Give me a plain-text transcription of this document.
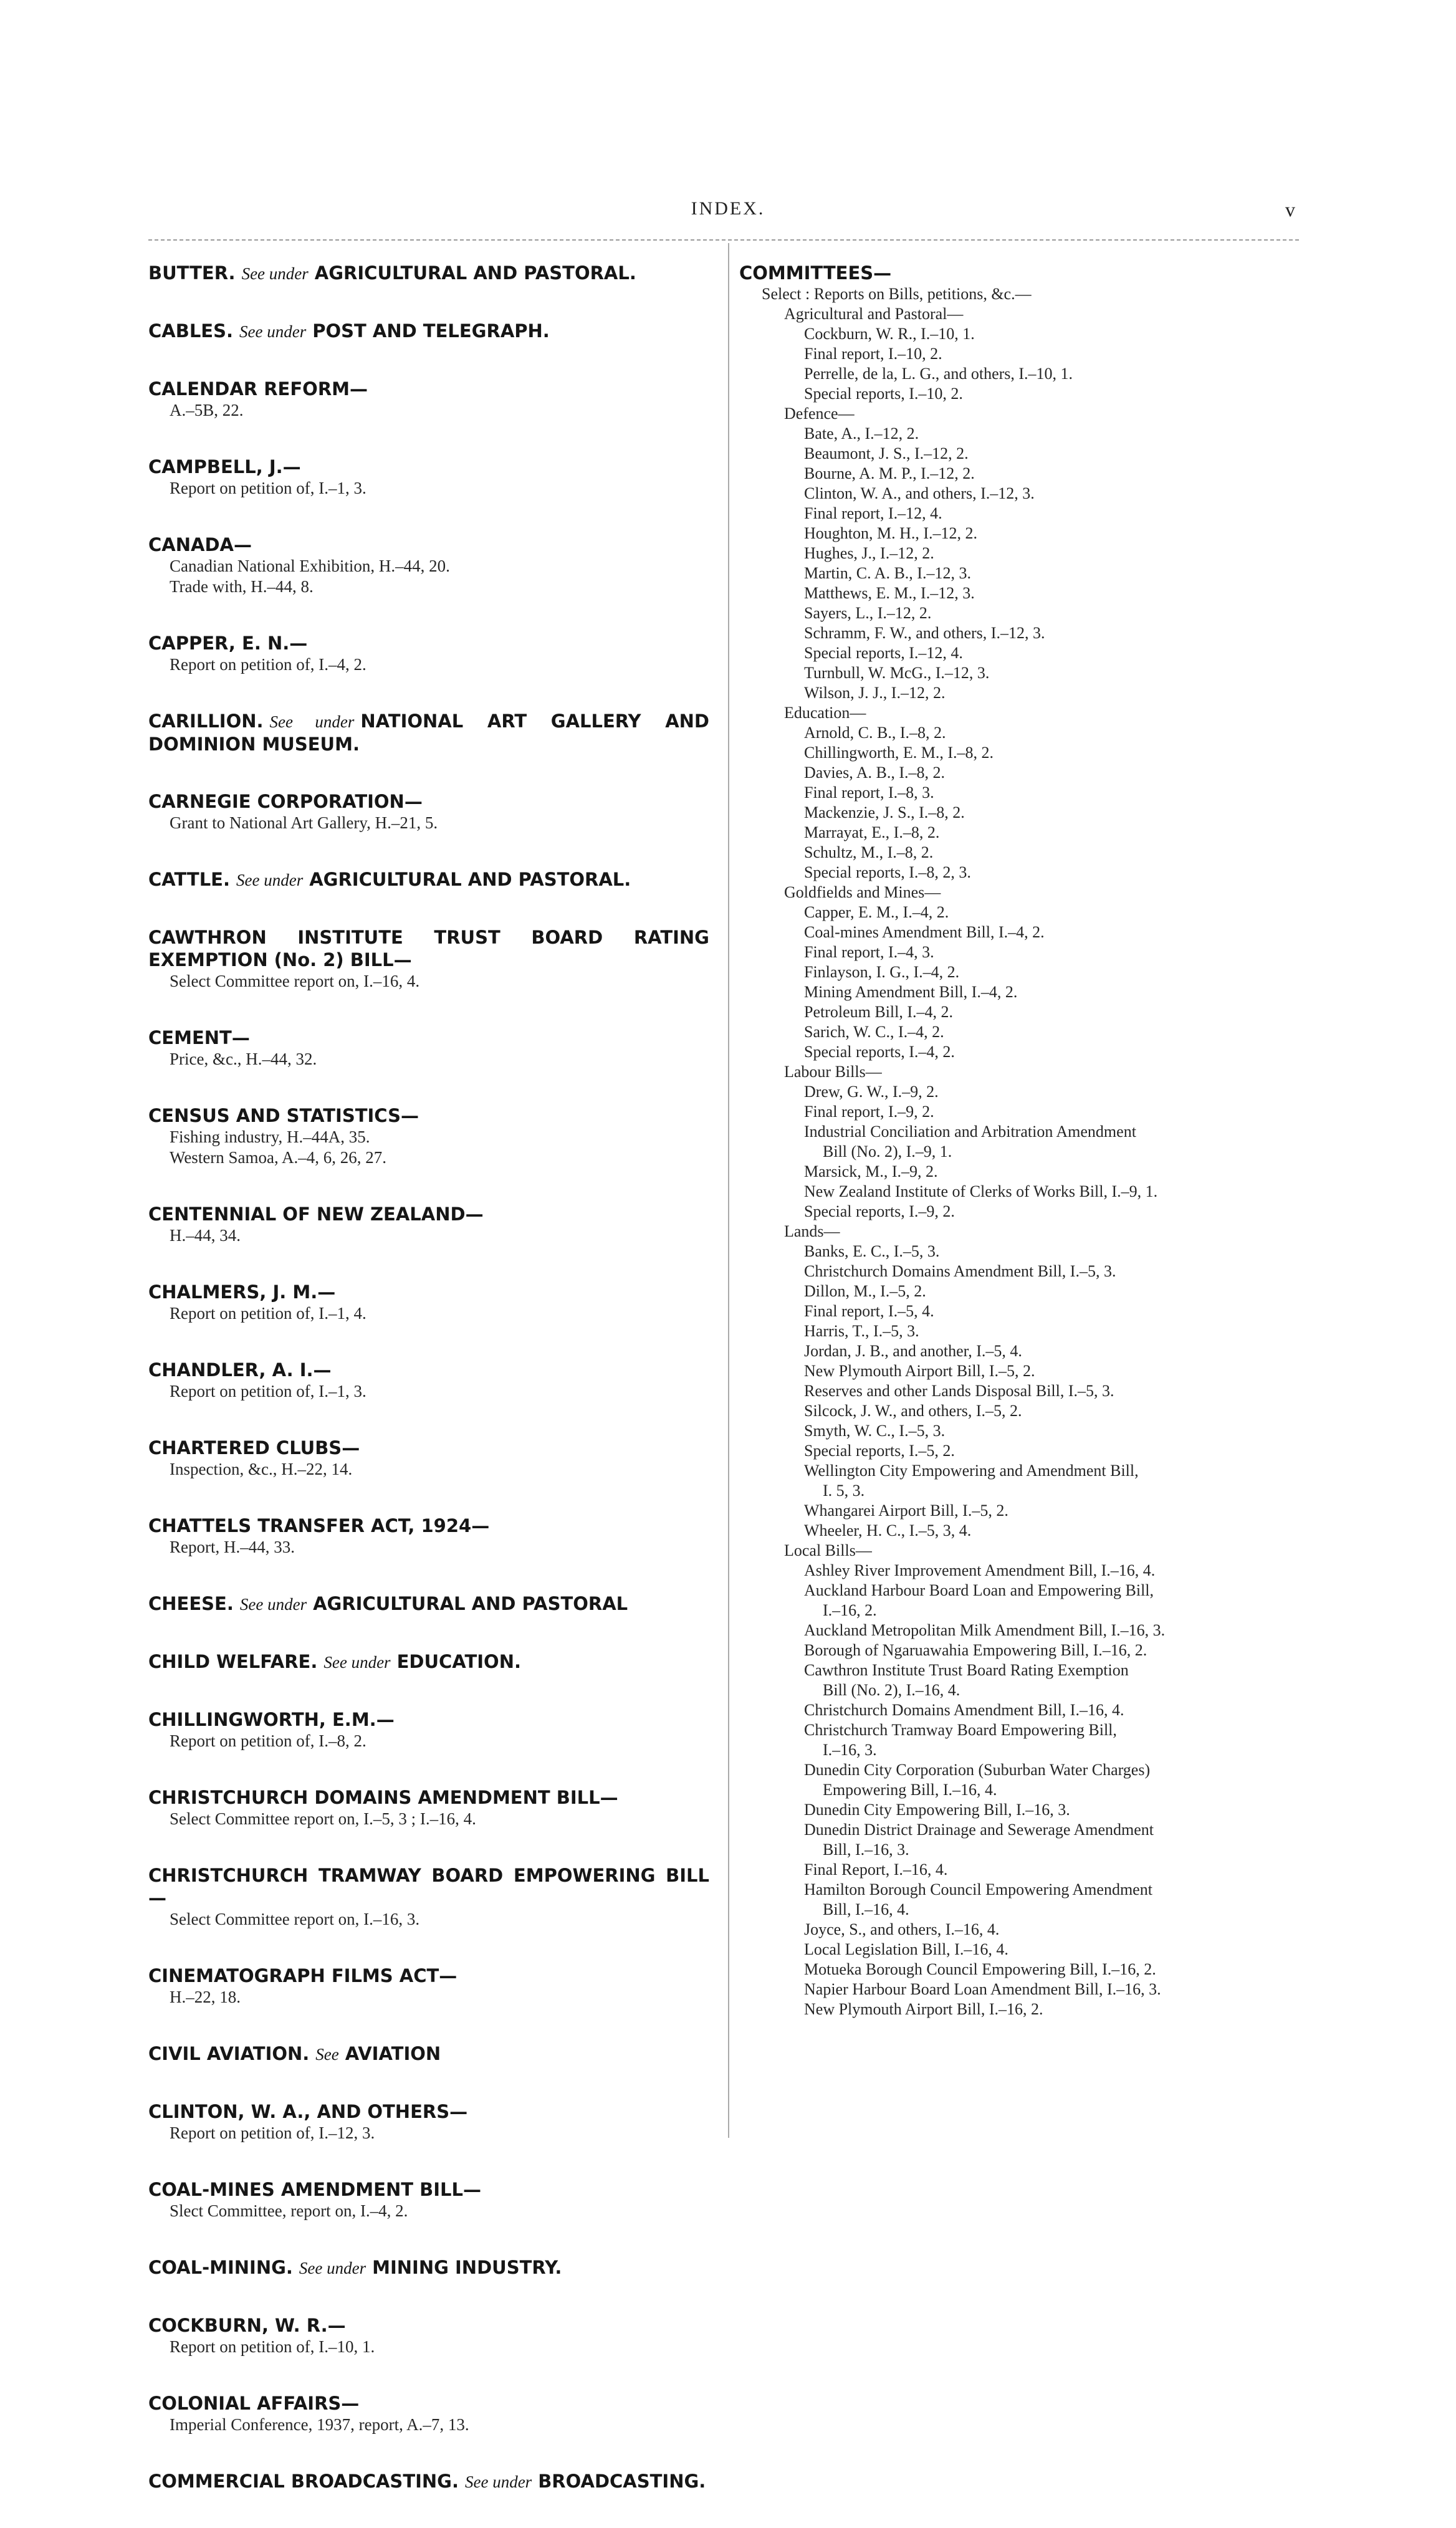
INDEX.	v
BUTTER. See under AGRICULTURAL AND PASTORAL.
CABLES. See under POST AND TELEGRAPH.
CALENDAR REFORM—
A.–5B, 22.
CAMPBELL, J.—
Report on petition of, I.–1, 3.
CANADA—
Canadian National Exhibition, H.–44, 20.
Trade with, H.–44, 8.
CAPPER, E. N.—
Report on petition of, I.–4, 2.
CARILLION. See under NATIONAL ART GALLERY AND DOMINION MUSEUM.
CARNEGIE CORPORATION—
Grant to National Art Gallery, H.–21, 5.
CATTLE. See under AGRICULTURAL AND PASTORAL.
CAWTHRON INSTITUTE TRUST BOARD RATING EXEMPTION (No. 2) BILL—
Select Committee report on, I.–16, 4.
CEMENT—
Price, &c., H.–44, 32.
CENSUS AND STATISTICS—
Fishing industry, H.–44A, 35.
Western Samoa, A.–4, 6, 26, 27.
CENTENNIAL OF NEW ZEALAND—
H.–44, 34.
CHALMERS, J. M.—
Report on petition of, I.–1, 4.
CHANDLER, A. I.—
Report on petition of, I.–1, 3.
CHARTERED CLUBS—
Inspection, &c., H.–22, 14.
CHATTELS TRANSFER ACT, 1924—
Report, H.–44, 33.
CHEESE. See under AGRICULTURAL AND PASTORAL
CHILD WELFARE. See under EDUCATION.
CHILLINGWORTH, E.M.—
Report on petition of, I.–8, 2.
CHRISTCHURCH DOMAINS AMENDMENT BILL—
Select Committee report on, I.–5, 3 ; I.–16, 4.
CHRISTCHURCH TRAMWAY BOARD EMPOWERING BILL—
Select Committee report on, I.–16, 3.
CINEMATOGRAPH FILMS ACT—
H.–22, 18.
CIVIL AVIATION. See AVIATION
CLINTON, W. A., AND OTHERS—
Report on petition of, I.–12, 3.
COAL-MINES AMENDMENT BILL—
Slect Committee, report on, I.–4, 2.
COAL-MINING. See under MINING INDUSTRY.
COCKBURN, W. R.—
Report on petition of, I.–10, 1.
COLONIAL AFFAIRS—
Imperial Conference, 1937, report, A.–7, 13.
COMMERCIAL BROADCASTING. See under BROADCASTING.
COMMITTEES—
Select : Reports on Bills, petitions, &c.—
Agricultural and Pastoral—
Cockburn, W. R., I.–10, 1.
Final report, I.–10, 2.
Perrelle, de la, L. G., and others, I.–10, 1.
Special reports, I.–10, 2.
Defence—
Bate, A., I.–12, 2.
Beaumont, J. S., I.–12, 2.
Bourne, A. M. P., I.–12, 2.
Clinton, W. A., and others, I.–12, 3.
Final report, I.–12, 4.
Houghton, M. H., I.–12, 2.
Hughes, J., I.–12, 2.
Martin, C. A. B., I.–12, 3.
Matthews, E. M., I.–12, 3.
Sayers, L., I.–12, 2.
Schramm, F. W., and others, I.–12, 3.
Special reports, I.–12, 4.
Turnbull, W. McG., I.–12, 3.
Wilson, J. J., I.–12, 2.
Education—
Arnold, C. B., I.–8, 2.
Chillingworth, E. M., I.–8, 2.
Davies, A. B., I.–8, 2.
Final report, I.–8, 3.
Mackenzie, J. S., I.–8, 2.
Marrayat, E., I.–8, 2.
Schultz, M., I.–8, 2.
Special reports, I.–8, 2, 3.
Goldfields and Mines—
Capper, E. M., I.–4, 2.
Coal-mines Amendment Bill, I.–4, 2.
Final report, I.–4, 3.
Finlayson, I. G., I.–4, 2.
Mining Amendment Bill, I.–4, 2.
Petroleum Bill, I.–4, 2.
Sarich, W. C., I.–4, 2.
Special reports, I.–4, 2.
Labour Bills—
Drew, G. W., I.–9, 2.
Final report, I.–9, 2.
Industrial Conciliation and Arbitration Amendment
Bill (No. 2), I.–9, 1.
Marsick, M., I.–9, 2.
New Zealand Institute of Clerks of Works Bill, I.–9, 1.
Special reports, I.–9, 2.
Lands—
Banks, E. C., I.–5, 3.
Christchurch Domains Amendment Bill, I.–5, 3.
Dillon, M., I.–5, 2.
Final report, I.–5, 4.
Harris, T., I.–5, 3.
Jordan, J. B., and another, I.–5, 4.
New Plymouth Airport Bill, I.–5, 2.
Reserves and other Lands Disposal Bill, I.–5, 3.
Silcock, J. W., and others, I.–5, 2.
Smyth, W. C., I.–5, 3.
Special reports, I.–5, 2.
Wellington City Empowering and Amendment Bill,
I. 5, 3.
Whangarei Airport Bill, I.–5, 2.
Wheeler, H. C., I.–5, 3, 4.
Local Bills—
Ashley River Improvement Amendment Bill, I.–16, 4.
Auckland Harbour Board Loan and Empowering Bill,
I.–16, 2.
Auckland Metropolitan Milk Amendment Bill, I.–16, 3.
Borough of Ngaruawahia Empowering Bill, I.–16, 2.
Cawthron Institute Trust Board Rating Exemption
Bill (No. 2), I.–16, 4.
Christchurch Domains Amendment Bill, I.–16, 4.
Christchurch Tramway Board Empowering Bill,
I.–16, 3.
Dunedin City Corporation (Suburban Water Charges)
Empowering Bill, I.–16, 4.
Dunedin City Empowering Bill, I.–16, 3.
Dunedin District Drainage and Sewerage Amendment
Bill, I.–16, 3.
Final Report, I.–16, 4.
Hamilton Borough Council Empowering Amendment
Bill, I.–16, 4.
Joyce, S., and others, I.–16, 4.
Local Legislation Bill, I.–16, 4.
Motueka Borough Council Empowering Bill, I.–16, 2.
Napier Harbour Board Loan Amendment Bill, I.–16, 3.
New Plymouth Airport Bill, I.–16, 2.
